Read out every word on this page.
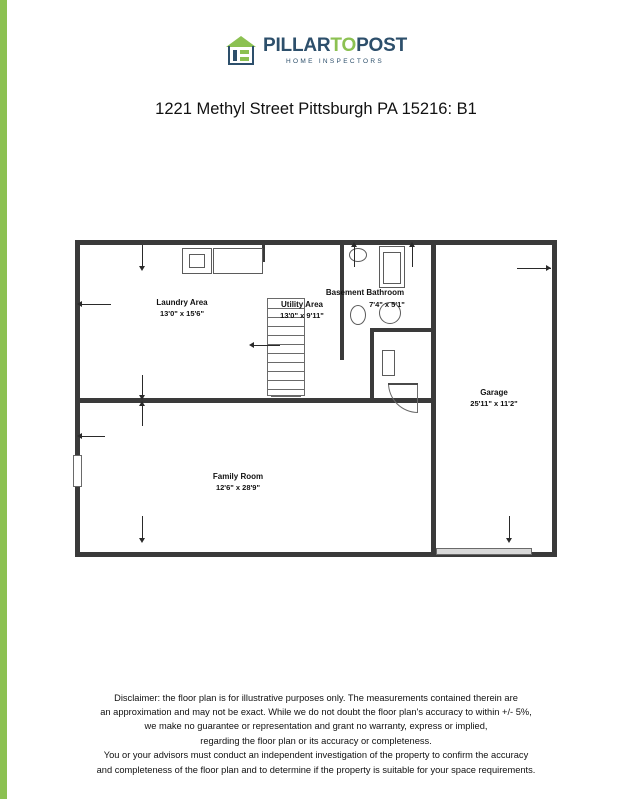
PILLARTOPOST
HOME INSPECTORS
1221 Methyl Street Pittsburgh PA 15216: B1
Laundry Area
13'0" x 15'6"
Utility Area
13'0" x 9'11"
Basement Bathroom
7'4" x 5'1"
Garage
25'11" x 11'2"
Family Room
12'6" x 28'9"
Disclaimer: the floor plan is for illustrative purposes only. The measurements contained therein are
an approximation and may not be exact. While we do not doubt the floor plan's accuracy to within +/- 5%,
we make no guarantee or representation and grant no warranty, express or implied,
regarding the floor plan or its accuracy or completeness.
You or your advisors must conduct an independent investigation of the property to confirm the accuracy
and completeness of the floor plan and to determine if the property is suitable for your space requirements.
